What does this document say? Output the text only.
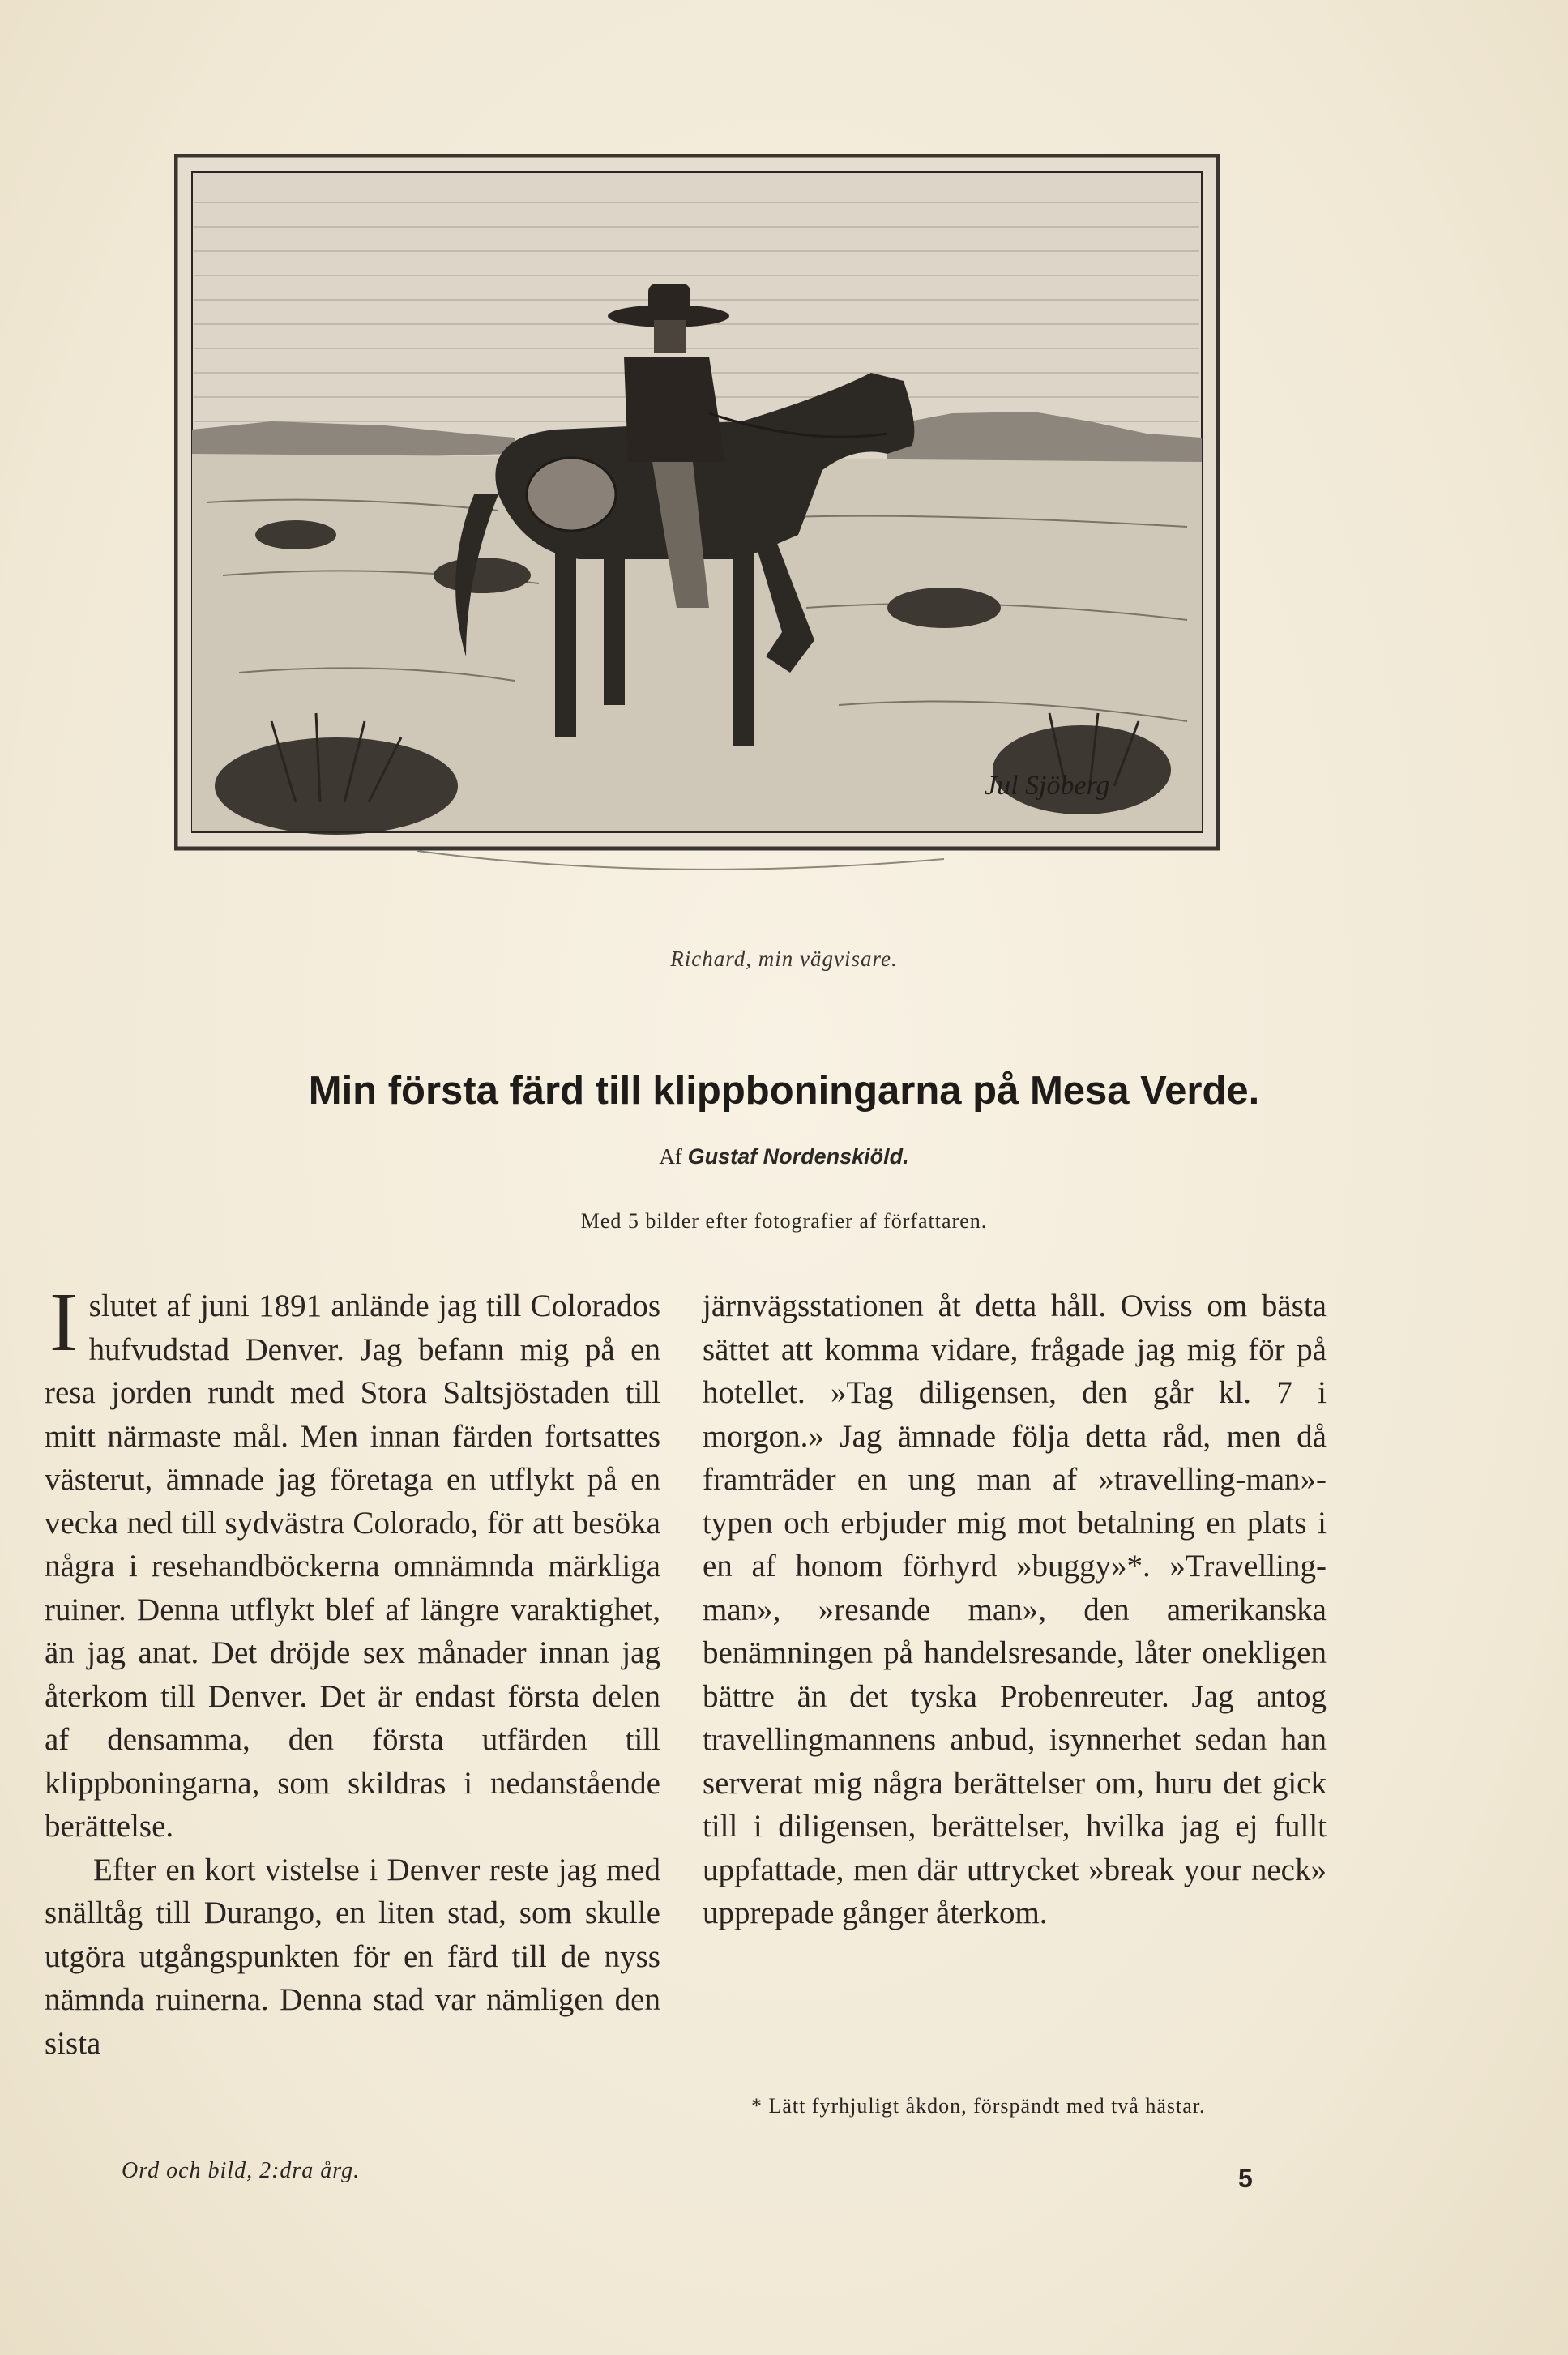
Jul Sjöberg
Richard, min vägvisare.
Min första färd till klippboningarna på Mesa Verde.
Af Gustaf Nordenskiöld.
Med 5 bilder efter fotografier af författaren.

Islutet af juni 1891 anlände jag till Colorados hufvudstad Denver. Jag befann mig på en resa jorden rundt med Stora Saltsjöstaden till mitt närmaste mål. Men innan färden fortsattes västerut, ämnade jag företaga en utflykt på en vecka ned till sydvästra Colorado, för att besöka några i resehandböckerna omnämnda märkliga ruiner. Denna utflykt blef af längre varaktighet, än jag anat. Det dröjde sex månader innan jag återkom till Denver. Det är endast första delen af densamma, den första utfärden till klippboningarna, som skildras i nedanstående berättelse.

Efter en kort vistelse i Denver reste jag med snälltåg till Durango, en liten stad, som skulle utgöra utgångspunkten för en färd till de nyss nämnda ruinerna. Denna stad var nämligen den sista

järnvägsstationen åt detta håll. Oviss om bästa sättet att komma vidare, frågade jag mig för på hotellet. »Tag diligensen, den går kl. 7 i morgon.» Jag ämnade följa detta råd, men då framträder en ung man af »travelling-man»-typen och erbjuder mig mot betalning en plats i en af honom förhyrd »buggy»*. »Travelling-man», »resande man», den amerikanska benämningen på handelsresande, låter onekligen bättre än det tyska Probenreuter. Jag antog travellingmannens anbud, isynnerhet sedan han serverat mig några berättelser om, huru det gick till i diligensen, berättelser, hvilka jag ej fullt uppfattade, men där uttrycket »break your neck» upprepade gånger återkom.

* Lätt fyrhjuligt åkdon, förspändt med två hästar.
Ord och bild, 2:dra årg.	5
